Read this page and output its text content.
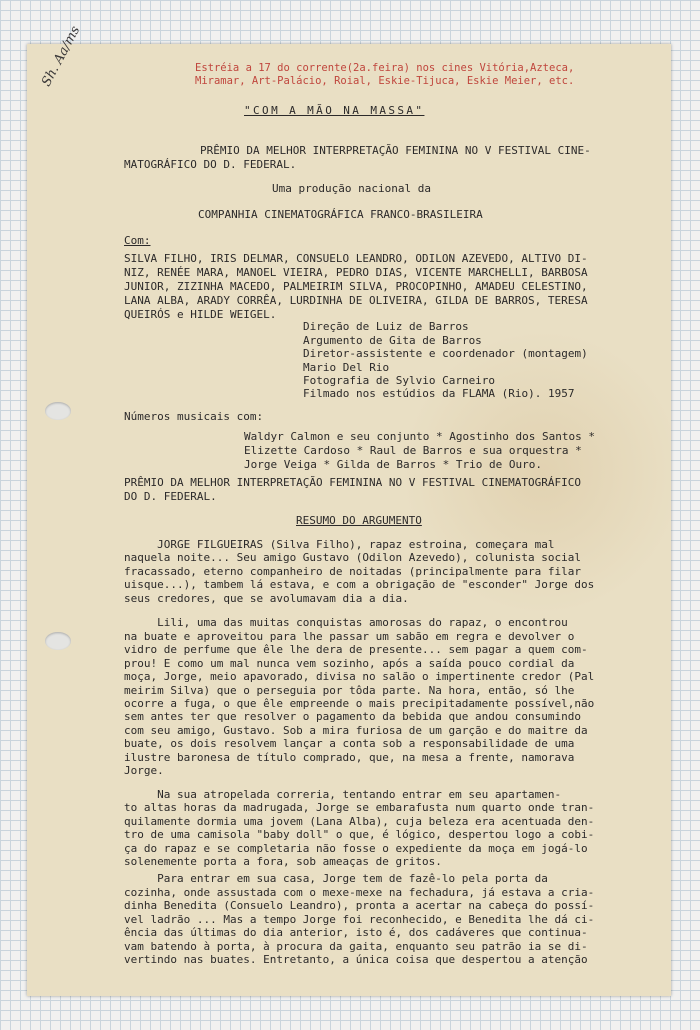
Sh. Aa/ms	Estréia a 17 do corrente(2a.feira) nos cines Vitória,Azteca,

Miramar, Art-Palácio, Roial, Eskie-Tijuca, Eskie Meier, etc.

"COM A MÃO NA MASSA"

PRÊMIO DA MELHOR INTERPRETAÇÃO FEMININA NO V FESTIVAL CINE-

MATOGRÁFICO DO D. FEDERAL.

Uma produção nacional da

COMPANHIA CINEMATOGRÁFICA FRANCO-BRASILEIRA

Com:

SILVA FILHO, IRIS DELMAR, CONSUELO LEANDRO, ODILON AZEVEDO, ALTIVO DI-

NIZ, RENÉE MARA, MANOEL VIEIRA, PEDRO DIAS, VICENTE MARCHELLI, BARBOSA

JUNIOR, ZIZINHA MACEDO, PALMEIRIM SILVA, PROCOPINHO, AMADEU CELESTINO,

LANA ALBA, ARADY CORRÊA, LURDINHA DE OLIVEIRA, GILDA DE BARROS, TERESA

QUEIRÓS e HILDE WEIGEL.

Direção de Luiz de Barros

Argumento de Gita de Barros

Diretor-assistente e coordenador (montagem)

Mario Del Rio

Fotografia de Sylvio Carneiro

Filmado nos estúdios da FLAMA (Rio). 1957

Números musicais com:

Waldyr Calmon e seu conjunto * Agostinho dos Santos *

Elizette Cardoso * Raul de Barros e sua orquestra *

Jorge Veiga * Gilda de Barros * Trio de Ouro.

PRÊMIO DA MELHOR INTERPRETAÇÃO FEMININA NO V FESTIVAL CINEMATOGRÁFICO

DO D. FEDERAL.

RESUMO DO ARGUMENTO

JORGE FILGUEIRAS (Silva Filho), rapaz estroina, começara mal

naquela noite... Seu amigo Gustavo (Odilon Azevedo), colunista social

fracassado, eterno companheiro de noitadas (principalmente para filar

uisque...), tambem lá estava, e com a obrigação de "esconder" Jorge dos

seus credores, que se avolumavam dia a dia.

Lili, uma das muitas conquistas amorosas do rapaz, o encontrou

na buate e aproveitou para lhe passar um sabão em regra e devolver o

vidro de perfume que êle lhe dera de presente... sem pagar a quem com-

prou! E como um mal nunca vem sozinho, após a saída pouco cordial da

moça, Jorge, meio apavorado, divisa no salão o impertinente credor (Pal

meirim Silva) que o perseguia por tôda parte. Na hora, então, só lhe

ocorre a fuga, o que êle empreende o mais precipitadamente possível,não

sem antes ter que resolver o pagamento da bebida que andou consumindo

com seu amigo, Gustavo. Sob a mira furiosa de um garção e do maitre da

buate, os dois resolvem lançar a conta sob a responsabilidade de uma

ilustre baronesa de título comprado, que, na mesa a frente, namorava

Jorge.

Na sua atropelada correria, tentando entrar em seu apartamen-

to altas horas da madrugada, Jorge se embarafusta num quarto onde tran-

quilamente dormia uma jovem (Lana Alba), cuja beleza era acentuada den-

tro de uma camisola "baby doll" o que, é lógico, despertou logo a cobi-

ça do rapaz e se completaria não fosse o expediente da moça em jogá-lo

solenemente porta a fora, sob ameaças de gritos.

Para entrar em sua casa, Jorge tem de fazê-lo pela porta da

cozinha, onde assustada com o mexe-mexe na fechadura, já estava a cria-

dinha Benedita (Consuelo Leandro), pronta a acertar na cabeça do possí-

vel ladrão ... Mas a tempo Jorge foi reconhecido, e Benedita lhe dá ci-

ência das últimas do dia anterior, isto é, dos cadáveres que continua-

vam batendo à porta, à procura da gaita, enquanto seu patrão ia se di-

vertindo nas buates. Entretanto, a única coisa que despertou a atenção
